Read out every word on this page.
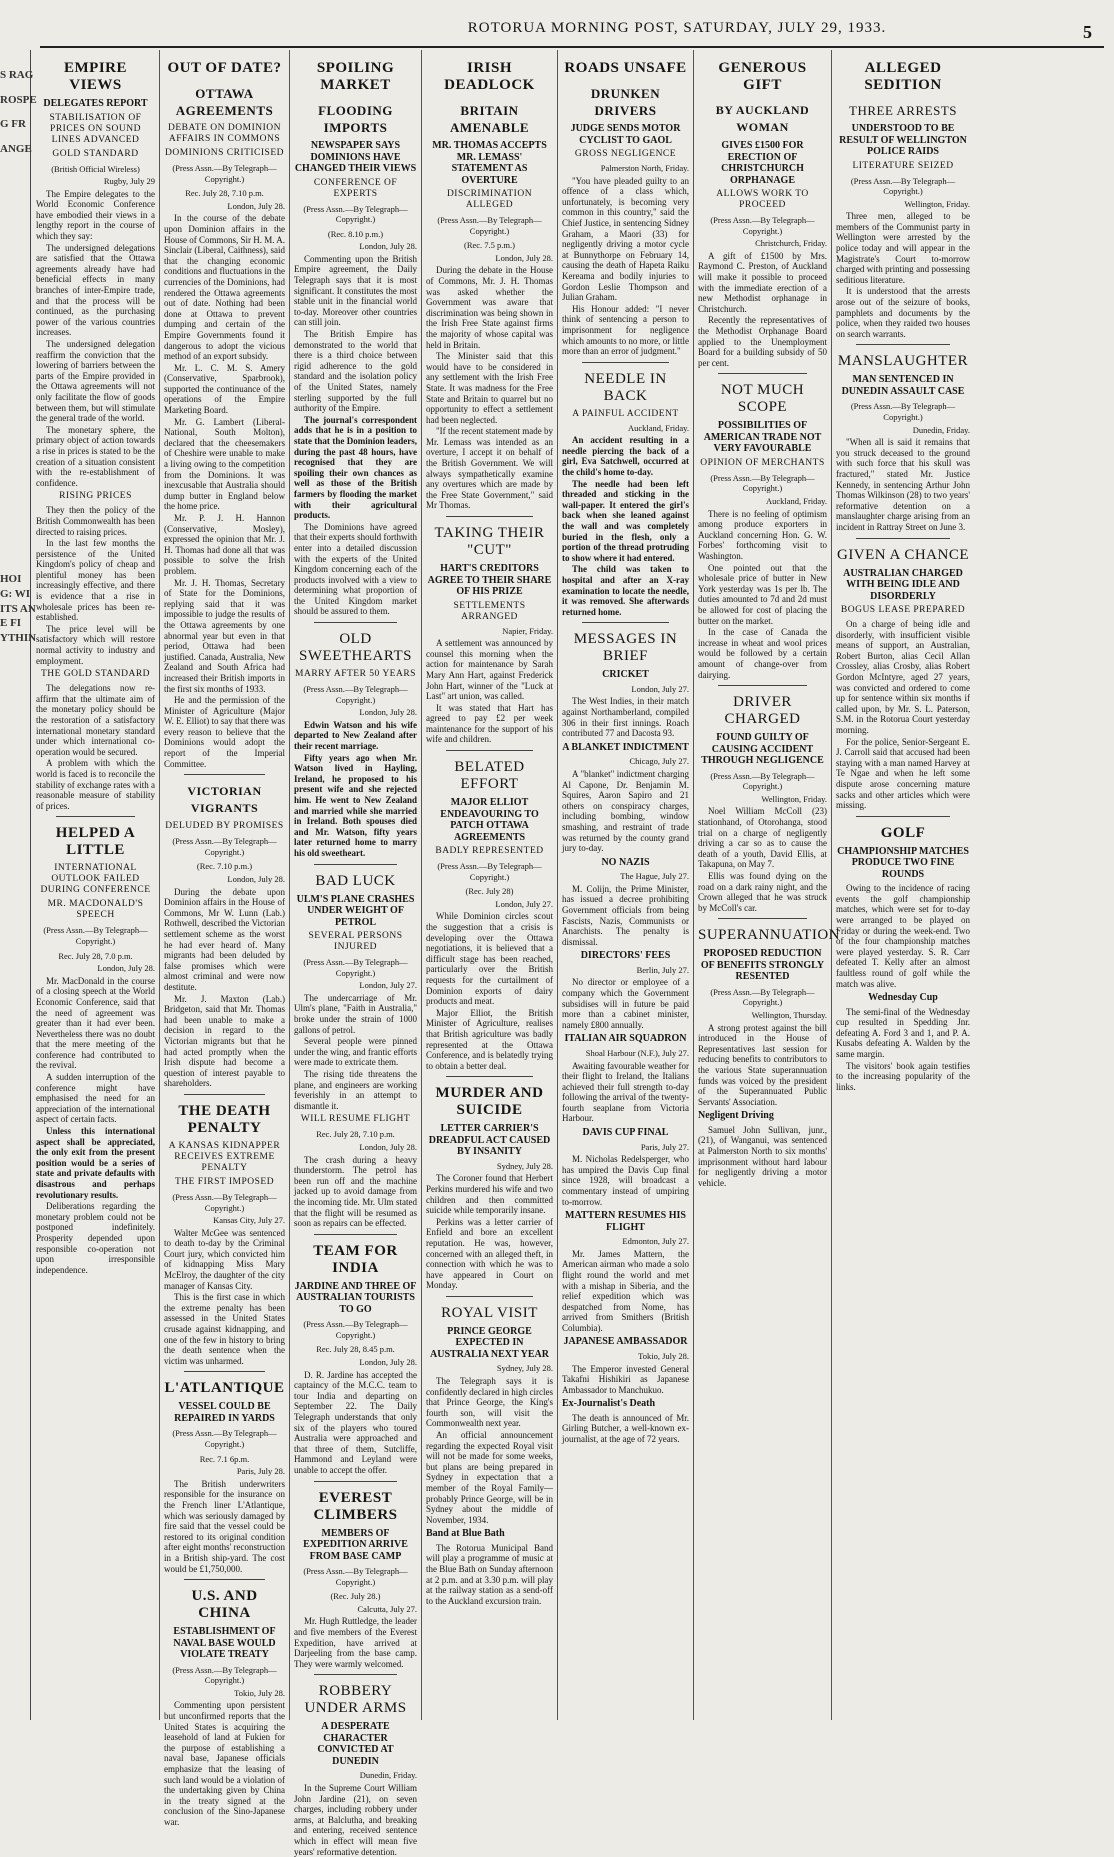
ROTORUA MORNING POST, SATURDAY, JULY 29, 1933.	5
S RAG
ROSPE
G FR
ANGE
HOI
G: WI
ITS AN
E FI
YTHIN
EMPIRE VIEWS
DELEGATES REPORT
STABILISATION OF PRICES ON SOUND LINES ADVANCED
GOLD STANDARD
(British Official Wireless)
Rugby, July 29

The Empire delegates to the World Economic Conference have embodied their views in a lengthy report in the course of which they say:

The undersigned delegations are satisfied that the Ottawa agreements already have had beneficial effects in many branches of inter-Empire trade, and that the process will be continued, as the purchasing power of the various countries increases.

The undersigned delegation reaffirm the conviction that the lowering of barriers between the parts of the Empire provided in the Ottawa agreements will not only facilitate the flow of goods between them, but will stimulate the general trade of the world.

The monetary sphere, the primary object of action towards a rise in prices is stated to be the creation of a situation consistent with the re-establishment of confidence.

RISING PRICES

They then the policy of the British Commonwealth has been directed to raising prices.

In the last few months the persistence of the United Kingdom's policy of cheap and plentiful money has been increasingly effective, and there is evidence that a rise in wholesale prices has been re-established.

The price level will be satisfactory which will restore normal activity to industry and employment.

THE GOLD STANDARD

The delegations now re-affirm that the ultimate aim of the monetary policy should be the restoration of a satisfactory international monetary standard under which international co-operation would be secured.

A problem with which the world is faced is to reconcile the stability of exchange rates with a reasonable measure of stability of prices.

HELPED A LITTLE
INTERNATIONAL OUTLOOK FAILED DURING CONFERENCE
MR. MACDONALD'S SPEECH
(Press Assn.—By Telegraph—Copyright.)
Rec. July 28, 7.0 p.m.
London, July 28.

Mr. MacDonald in the course of a closing speech at the World Economic Conference, said that the need of agreement was greater than it had ever been. Nevertheless there was no doubt that the mere meeting of the conference had contributed to the revival.

A sudden interruption of the conference might have emphasised the need for an appreciation of the international aspect of certain facts.

Unless this international aspect shall be appreciated, the only exit from the present position would be a series of state and private defaults with disastrous and perhaps revolutionary results.

Deliberations regarding the monetary problem could not be postponed indefinitely. Prosperity depended upon responsible co-operation not upon irresponsible independence.

OUT OF DATE?
OTTAWA AGREEMENTS
DEBATE ON DOMINION AFFAIRS IN COMMONS
DOMINIONS CRITICISED
(Press Assn.—By Telegraph—Copyright.)
Rec. July 28, 7.10 p.m.
London, July 28.

In the course of the debate upon Dominion affairs in the House of Commons, Sir H. M. A. Sinclair (Liberal, Caithness), said that the changing economic conditions and fluctuations in the currencies of the Dominions, had rendered the Ottawa agreements out of date. Nothing had been done at Ottawa to prevent dumping and certain of the Empire Governments found it dangerous to adopt the vicious method of an export subsidy.

Mr. L. C. M. S. Amery (Conservative, Sparbrook), supported the continuance of the operations of the Empire Marketing Board.

Mr. G. Lambert (Liberal-National, South Molton), declared that the cheesemakers of Cheshire were unable to make a living owing to the competition from the Dominions. It was inexcusable that Australia should dump butter in England below the home price.

Mr. P. J. H. Hannon (Conservative, Mosley), expressed the opinion that Mr. J. H. Thomas had done all that was possible to solve the Irish problem.

Mr. J. H. Thomas, Secretary of State for the Dominions, replying said that it was impossible to judge the results of the Ottawa agreements by one abnormal year but even in that period, Ottawa had been justified. Canada, Australia, New Zealand and South Africa had increased their British imports in the first six months of 1933.

He and the permission of the Minister of Agriculture (Major W. E. Elliot) to say that there was every reason to believe that the Dominions would adopt the report of the Imperial Committee.

VICTORIAN VIGRANTS
DELUDED BY PROMISES
(Press Assn.—By Telegraph—Copyright.)
(Rec. 7.10 p.m.)
London, July 28.

During the debate upon Dominion affairs in the House of Commons, Mr W. Lunn (Lab.) Rothwell, described the Victorian settlement scheme as the worst he had ever heard of. Many migrants had been deluded by false promises which were almost criminal and were now destitute.

Mr. J. Maxton (Lab.) Bridgeton, said that Mr. Thomas had been unable to make a decision in regard to the Victorian migrants but that he had acted promptly when the Irish dispute had become a question of interest payable to shareholders.

THE DEATH PENALTY
A KANSAS KIDNAPPER RECEIVES EXTREME PENALTY
THE FIRST IMPOSED
(Press Assn.—By Telegraph—Copyright.)
Kansas City, July 27.

Walter McGee was sentenced to death to-day by the Criminal Court jury, which convicted him of kidnapping Miss Mary McElroy, the daughter of the city manager of Kansas City.

This is the first case in which the extreme penalty has been assessed in the United States crusade against kidnapping, and one of the few in history to bring the death sentence when the victim was unharmed.

L'ATLANTIQUE
VESSEL COULD BE REPAIRED IN YARDS
(Press Assn.—By Telegraph—Copyright.)
Rec. 7.1 6p.m.
Paris, July 28.

The British underwriters responsible for the insurance on the French liner L'Atlantique, which was seriously damaged by fire said that the vessel could be restored to its original condition after eight months' reconstruction in a British ship-yard. The cost would be £1,750,000.

U.S. AND CHINA
ESTABLISHMENT OF NAVAL BASE WOULD VIOLATE TREATY
(Press Assn.—By Telegraph—Copyright.)
Tokio, July 28.

Commenting upon persistent but unconfirmed reports that the United States is acquiring the leasehold of land at Fukien for the purpose of establishing a naval base, Japanese officials emphasize that the leasing of such land would be a violation of the undertaking given by China in the treaty signed at the conclusion of the Sino-Japanese war.

SPOILING MARKET
FLOODING IMPORTS
NEWSPAPER SAYS DOMINIONS HAVE CHANGED THEIR VIEWS
CONFERENCE OF EXPERTS
(Press Assn.—By Telegraph—Copyright.)
(Rec. 8.10 p.m.)
London, July 28.

Commenting upon the British Empire agreement, the Daily Telegraph says that it is most significant. It constitutes the most stable unit in the financial world to-day. Moreover other countries can still join.

The British Empire has demonstrated to the world that there is a third choice between rigid adherence to the gold standard and the isolation policy of the United States, namely sterling supported by the full authority of the Empire.

The journal's correspondent adds that he is in a position to state that the Dominion leaders, during the past 48 hours, have recognised that they are spoiling their own chances as well as those of the British farmers by flooding the market with their agricultural products.

The Dominions have agreed that their experts should forthwith enter into a detailed discussion with the experts of the United Kingdom concerning each of the products involved with a view to determining what proportion of the United Kingdom market should be assured to them.

OLD SWEETHEARTS
MARRY AFTER 50 YEARS
(Press Assn.—By Telegraph—Copyright.)
London, July 28.

Edwin Watson and his wife departed to New Zealand after their recent marriage.

Fifty years ago when Mr. Watson lived in Hayling, Ireland, he proposed to his present wife and she rejected him. He went to New Zealand and married while she married in Ireland. Both spouses died and Mr. Watson, fifty years later returned home to marry his old sweetheart.

BAD LUCK
ULM'S PLANE CRASHES UNDER WEIGHT OF PETROL
SEVERAL PERSONS INJURED
(Press Assn.—By Telegraph—Copyright.)
London, July 27.

The undercarriage of Mr. Ulm's plane, "Faith in Australia," broke under the strain of 1000 gallons of petrol.

Several people were pinned under the wing, and frantic efforts were made to extricate them.

The rising tide threatens the plane, and engineers are working feverishly in an attempt to dismantle it.

WILL RESUME FLIGHT
Rec. July 28, 7.10 p.m.
London, July 28.

The crash during a heavy thunderstorm. The petrol has been run off and the machine jacked up to avoid damage from the incoming tide. Mr. Ulm stated that the flight will be resumed as soon as repairs can be effected.

TEAM FOR INDIA
JARDINE AND THREE OF AUSTRALIAN TOURISTS TO GO
(Press Assn.—By Telegraph—Copyright.)
Rec. July 28, 8.45 p.m.
London, July 28.

D. R. Jardine has accepted the captaincy of the M.C.C. team to tour India and departing on September 22. The Daily Telegraph understands that only six of the players who toured Australia were approached and that three of them, Sutcliffe, Hammond and Leyland were unable to accept the offer.

EVEREST CLIMBERS
MEMBERS OF EXPEDITION ARRIVE FROM BASE CAMP
(Press Assn.—By Telegraph—Copyright.)
(Rec. July 28.)
Calcutta, July 27.

Mr. Hugh Ruttledge, the leader and five members of the Everest Expedition, have arrived at Darjeeling from the base camp. They were warmly welcomed.

ROBBERY UNDER ARMS
A DESPERATE CHARACTER CONVICTED AT DUNEDIN
Dunedin, Friday.

In the Supreme Court William John Jardine (21), on seven charges, including robbery under arms, at Balclutha, and breaking and entering, received sentence which in effect will mean five years' reformative detention.

IRISH DEADLOCK
BRITAIN AMENABLE
MR. THOMAS ACCEPTS MR. LEMASS' STATEMENT AS OVERTURE
DISCRIMINATION ALLEGED
(Press Assn.—By Telegraph—Copyright.)
(Rec. 7.5 p.m.)
London, July 28.

During the debate in the House of Commons, Mr. J. H. Thomas was asked whether the Government was aware that discrimination was being shown in the Irish Free State against firms the majority of whose capital was held in Britain.

The Minister said that this would have to be considered in any settlement with the Irish Free State. It was madness for the Free State and Britain to quarrel but no opportunity to effect a settlement had been neglected.

"If the recent statement made by Mr. Lemass was intended as an overture, I accept it on behalf of the British Government. We will always sympathetically examine any overtures which are made by the Free State Government," said Mr Thomas.

TAKING THEIR "CUT"
HART'S CREDITORS AGREE TO THEIR SHARE OF HIS PRIZE
SETTLEMENTS ARRANGED
Napier, Friday.

A settlement was announced by counsel this morning when the action for maintenance by Sarah Mary Ann Hart, against Frederick John Hart, winner of the "Luck at Last" art union, was called.

It was stated that Hart has agreed to pay £2 per week maintenance for the support of his wife and children.

BELATED EFFORT
MAJOR ELLIOT ENDEAVOURING TO PATCH OTTAWA AGREEMENTS
BADLY REPRESENTED
(Press Assn.—By Telegraph—Copyright.)
(Rec. July 28)
London, July 27.

While Dominion circles scout the suggestion that a crisis is developing over the Ottawa negotiations, it is believed that a difficult stage has been reached, particularly over the British requests for the curtailment of Dominion exports of dairy products and meat.

Major Elliot, the British Minister of Agriculture, realises that British agriculture was badly represented at the Ottawa Conference, and is belatedly trying to obtain a better deal.

MURDER AND SUICIDE
LETTER CARRIER'S DREADFUL ACT CAUSED BY INSANITY
Sydney, July 28.

The Coroner found that Herbert Perkins murdered his wife and two children and then committed suicide while temporarily insane.

Perkins was a letter carrier of Enfield and bore an excellent reputation. He was, however, concerned with an alleged theft, in connection with which he was to have appeared in Court on Monday.

ROYAL VISIT
PRINCE GEORGE EXPECTED IN AUSTRALIA NEXT YEAR
Sydney, July 28.

The Telegraph says it is confidently declared in high circles that Prince George, the King's fourth son, will visit the Commonwealth next year.

An official announcement regarding the expected Royal visit will not be made for some weeks, but plans are being prepared in Sydney in expectation that a member of the Royal Family—probably Prince George, will be in Sydney about the middle of November, 1934.

Band at Blue Bath

The Rotorua Municipal Band will play a programme of music at the Blue Bath on Sunday afternoon at 2 p.m. and at 3.30 p.m. will play at the railway station as a send-off to the Auckland excursion train.

ROADS UNSAFE
DRUNKEN DRIVERS
JUDGE SENDS MOTOR CYCLIST TO GAOL
GROSS NEGLIGENCE
Palmerston North, Friday.

"You have pleaded guilty to an offence of a class which, unfortunately, is becoming very common in this country," said the Chief Justice, in sentencing Sidney Graham, a Maori (33) for negligently driving a motor cycle at Bunnythorpe on February 14, causing the death of Hapeta Raiku Kereama and bodily injuries to Gordon Leslie Thompson and Julian Graham.

His Honour added: "I never think of sentencing a person to imprisonment for negligence which amounts to no more, or little more than an error of judgment."

NEEDLE IN BACK
A PAINFUL ACCIDENT
Auckland, Friday.

An accident resulting in a needle piercing the back of a girl, Eva Satchwell, occurred at the child's home to-day.

The needle had been left threaded and sticking in the wall-paper. It entered the girl's back when she leaned against the wall and was completely buried in the flesh, only a portion of the thread protruding to show where it had entered.

The child was taken to hospital and after an X-ray examination to locate the needle, it was removed. She afterwards returned home.

MESSAGES IN BRIEF
CRICKET
London, July 27.

The West Indies, in their match against Northamberland, compiled 306 in their first innings. Roach contributed 77 and Dacosta 93.

A BLANKET INDICTMENT
Chicago, July 27.

A "blanket" indictment charging Al Capone, Dr. Benjamin M. Squires, Aaron Sapiro and 21 others on conspiracy charges, including bombing, window smashing, and restraint of trade was returned by the county grand jury to-day.

NO NAZIS
The Hague, July 27.

M. Colijn, the Prime Minister, has issued a decree prohibiting Government officials from being Fascists, Nazis, Communists or Anarchists. The penalty is dismissal.

DIRECTORS' FEES
Berlin, July 27.

No director or employee of a company which the Government subsidises will in future be paid more than a cabinet minister, namely £800 annually.

ITALIAN AIR SQUADRON
Shoal Harbour (N.F.), July 27.

Awaiting favourable weather for their flight to Ireland, the Italians achieved their full strength to-day following the arrival of the twenty-fourth seaplane from Victoria Harbour.

DAVIS CUP FINAL
Paris, July 27.

M. Nicholas Redelsperger, who has umpired the Davis Cup final since 1928, will broadcast a commentary instead of umpiring to-morrow.

MATTERN RESUMES HIS FLIGHT
Edmonton, July 27.

Mr. James Mattern, the American airman who made a solo flight round the world and met with a mishap in Siberia, and the relief expedition which was despatched from Nome, has arrived from Smithers (British Columbia).

JAPANESE AMBASSADOR
Tokio, July 28.

The Emperor invested General Takafni Hishikiri as Japanese Ambassador to Manchukuo.

Ex-Journalist's Death

The death is announced of Mr. Girling Butcher, a well-known ex-journalist, at the age of 72 years.

GENEROUS GIFT
BY AUCKLAND WOMAN
GIVES £1500 FOR ERECTION OF CHRISTCHURCH ORPHANAGE
ALLOWS WORK TO PROCEED
(Press Assn.—By Telegraph—Copyright.)
Christchurch, Friday.

A gift of £1500 by Mrs. Raymond C. Preston, of Auckland will make it possible to proceed with the immediate erection of a new Methodist orphanage in Christchurch.

Recently the representatives of the Methodist Orphanage Board applied to the Unemployment Board for a building subsidy of 50 per cent.

NOT MUCH SCOPE
POSSIBILITIES OF AMERICAN TRADE NOT VERY FAVOURABLE
OPINION OF MERCHANTS
(Press Assn.—By Telegraph—Copyright.)
Auckland, Friday.

There is no feeling of optimism among produce exporters in Auckland concerning Hon. G. W. Forbes' forthcoming visit to Washington.

One pointed out that the wholesale price of butter in New York yesterday was 1s per lb. The duties amounted to 7d and 2d must be allowed for cost of placing the butter on the market.

In the case of Canada the increase in wheat and wool prices would be followed by a certain amount of change-over from dairying.

DRIVER CHARGED
FOUND GUILTY OF CAUSING ACCIDENT THROUGH NEGLIGENCE
(Press Assn.—By Telegraph—Copyright.)
Wellington, Friday.

Noel William McColl (23) stationhand, of Otorohanga, stood trial on a charge of negligently driving a car so as to cause the death of a youth, David Ellis, at Takapuna, on May 7.

Ellis was found dying on the road on a dark rainy night, and the Crown alleged that he was struck by McColl's car.

SUPERANNUATION
PROPOSED REDUCTION OF BENEFITS STRONGLY RESENTED
(Press Assn.—By Telegraph—Copyright.)
Wellington, Thursday.

A strong protest against the bill introduced in the House of Representatives last session for reducing benefits to contributors to the various State superannuation funds was voiced by the president of the Superannuated Public Servants' Association.

Negligent Driving

Samuel John Sullivan, junr., (21), of Wanganui, was sentenced at Palmerston North to six months' imprisonment without hard labour for negligently driving a motor vehicle.

ALLEGED SEDITION
THREE ARRESTS
UNDERSTOOD TO BE RESULT OF WELLINGTON POLICE RAIDS
LITERATURE SEIZED
(Press Assn.—By Telegraph—Copyright.)
Wellington, Friday.

Three men, alleged to be members of the Communist party in Wellington were arrested by the police today and will appear in the Magistrate's Court to-morrow charged with printing and possessing seditious literature.

It is understood that the arrests arose out of the seizure of books, pamphlets and documents by the police, when they raided two houses on search warrants.

MANSLAUGHTER
MAN SENTENCED IN DUNEDIN ASSAULT CASE
(Press Assn.—By Telegraph—Copyright.)
Dunedin, Friday.

"When all is said it remains that you struck deceased to the ground with such force that his skull was fractured," stated Mr. Justice Kennedy, in sentencing Arthur John Thomas Wilkinson (28) to two years' reformative detention on a manslaughter charge arising from an incident in Rattray Street on June 3.

GIVEN A CHANCE
AUSTRALIAN CHARGED WITH BEING IDLE AND DISORDERLY
BOGUS LEASE PREPARED

On a charge of being idle and disorderly, with insufficient visible means of support, an Australian, Robert Burton, alias Cecil Allan Crossley, alias Crosby, alias Robert Gordon McIntyre, aged 27 years, was convicted and ordered to come up for sentence within six months if called upon, by Mr. S. L. Paterson, S.M. in the Rotorua Court yesterday morning.

For the police, Senior-Sergeant E. J. Carroll said that accused had been staying with a man named Harvey at Te Ngae and when he left some dispute arose concerning mature sacks and other articles which were missing.

GOLF
CHAMPIONSHIP MATCHES PRODUCE TWO FINE ROUNDS

Owing to the incidence of racing events the golf championship matches, which were set for to-day were arranged to be played on Friday or during the week-end. Two of the four championship matches were played yesterday. S. R. Carr defeated T. Kelly after an almost faultless round of golf while the match was alive.

Wednesday Cup

The semi-final of the Wednesday cup resulted in Spedding Jnr. defeating A. Ford 3 and 1, and P. A. Kusabs defeating A. Walden by the same margin.

The visitors' book again testifies to the increasing popularity of the links.
